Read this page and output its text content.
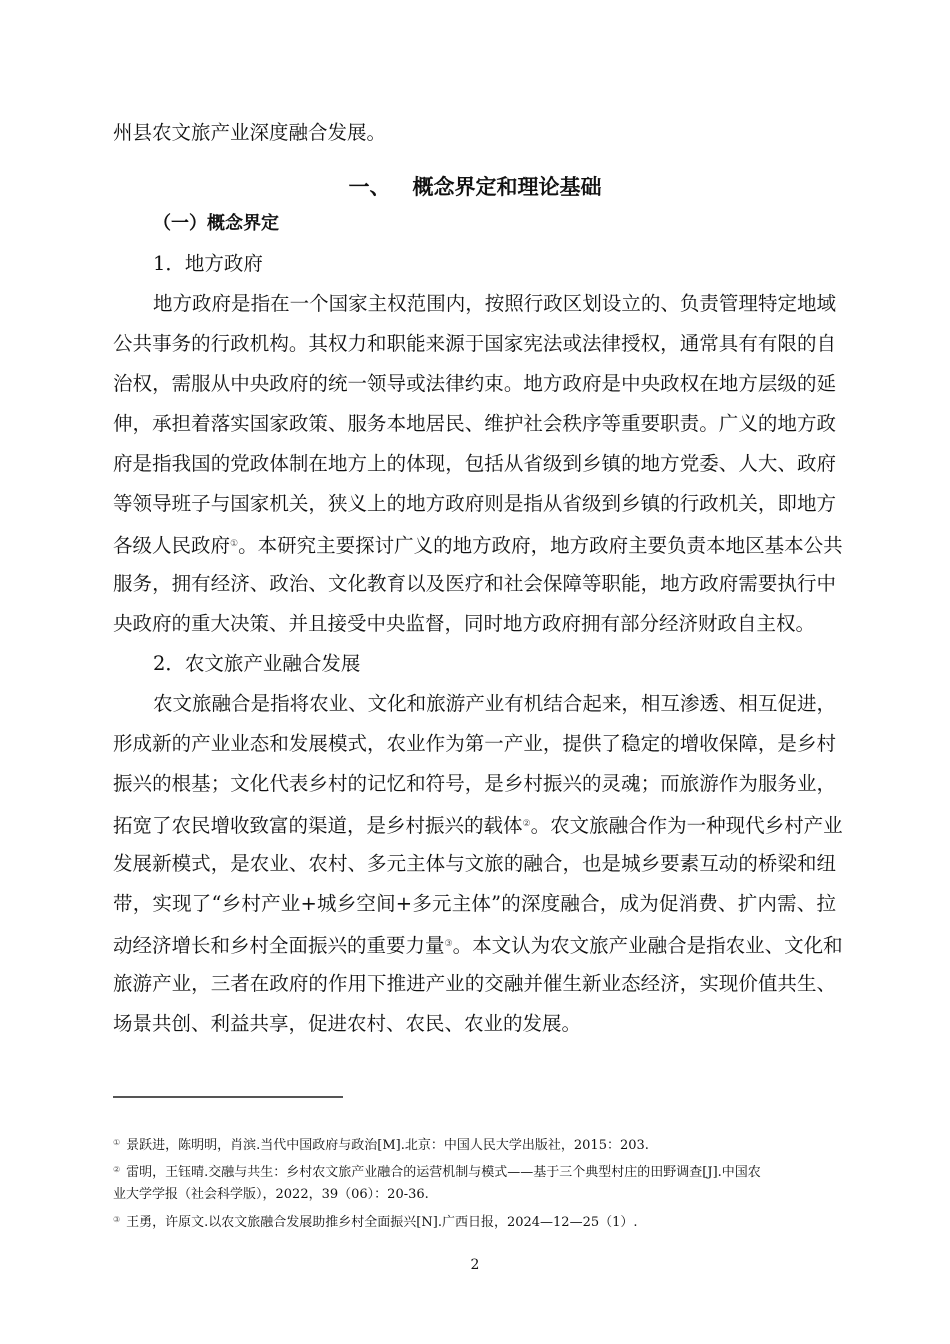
州县农文旅产业深度融合发展。
一、 概念界定和理论基础
（一）概念界定
1．地方政府
2．农文旅产业融合发展
2
地方政府是指在一个国家主权范围内，按照行政区划设立的、负责管理特定地域
公共事务的行政机构。其权力和职能来源于国家宪法或法律授权，通常具有有限的自
治权，需服从中央政府的统一领导或法律约束。地方政府是中央政权在地方层级的延
伸，承担着落实国家政策、服务本地居民、维护社会秩序等重要职责。广义的地方政
府是指我国的党政体制在地方上的体现，包括从省级到乡镇的地方党委、人大、政府
等领导班子与国家机关，狭义上的地方政府则是指从省级到乡镇的行政机关，即地方
各级人民政府①。本研究主要探讨广义的地方政府，地方政府主要负责本地区基本公共
服务，拥有经济、政治、文化教育以及医疗和社会保障等职能，地方政府需要执行中
央政府的重大决策、并且接受中央监督，同时地方政府拥有部分经济财政自主权。
农文旅融合是指将农业、文化和旅游产业有机结合起来，相互渗透、相互促进，
形成新的产业业态和发展模式，农业作为第一产业，提供了稳定的增收保障，是乡村
振兴的根基；文化代表乡村的记忆和符号，是乡村振兴的灵魂；而旅游作为服务业，
拓宽了农民增收致富的渠道，是乡村振兴的载体②。农文旅融合作为一种现代乡村产业
发展新模式，是农业、农村、多元主体与文旅的融合，也是城乡要素互动的桥梁和纽
带，实现了“乡村产业+城乡空间+多元主体”的深度融合，成为促消费、扩内需、拉
动经济增长和乡村全面振兴的重要力量③。本文认为农文旅产业融合是指农业、文化和
旅游产业，三者在政府的作用下推进产业的交融并催生新业态经济，实现价值共生、
场景共创、利益共享，促进农村、农民、农业的发展。
① 景跃进，陈明明，肖滨.当代中国政府与政治[M].北京：中国人民大学出版社，2015：203.
② 雷明，王钰晴.交融与共生：乡村农文旅产业融合的运营机制与模式——基于三个典型村庄的田野调查[J].中国农
业大学学报（社会科学版），2022，39（06）：20-36.
③ 王勇，许原文.以农文旅融合发展助推乡村全面振兴[N].广西日报，2024—12—25（1）.
